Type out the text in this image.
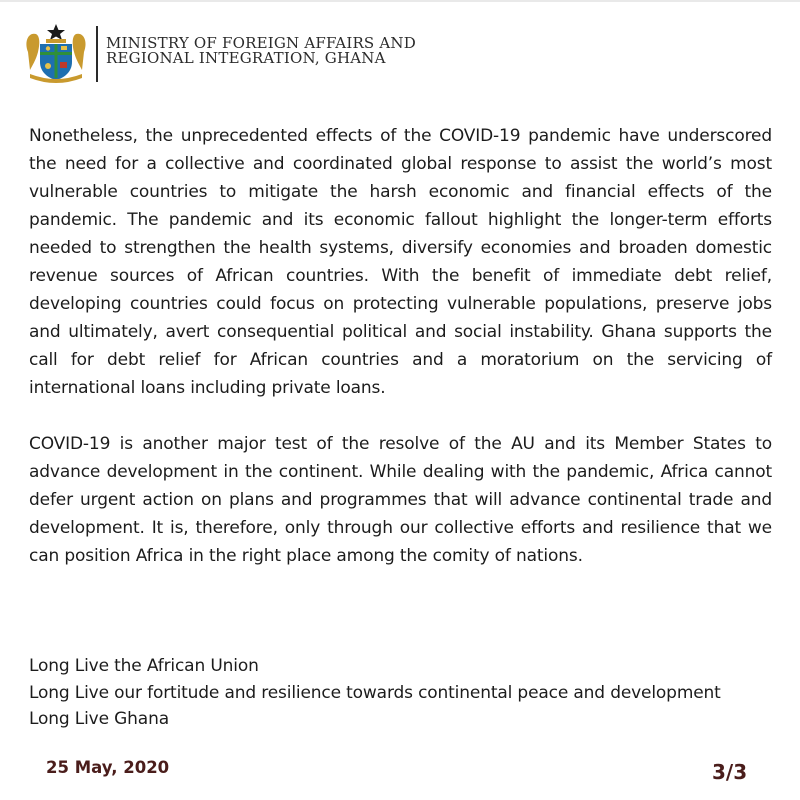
MINISTRY OF FOREIGN AFFAIRS AND
REGIONAL INTEGRATION, GHANA

Nonetheless, the unprecedented effects of the COVID-19 pandemic have underscored the need for a collective and coordinated global response to assist the world’s most vulnerable countries to mitigate the harsh economic and financial effects of the pandemic. The pandemic and its economic fallout highlight the longer-term efforts needed to strengthen the health systems, diversify economies and broaden domestic revenue sources of African countries. With the benefit of immediate debt relief, developing countries could focus on protecting vulnerable populations, preserve jobs and ultimately, avert consequential political and social instability. Ghana supports the call for debt relief for African countries and a moratorium on the servicing of international loans including private loans.

COVID-19 is another major test of the resolve of the AU and its Member States to advance development in the continent. While dealing with the pandemic, Africa cannot defer urgent action on plans and programmes that will advance continental trade and development. It is, therefore, only through our collective efforts and resilience that we can position Africa in the right place among the comity of nations.

Long Live the African Union
Long Live our fortitude and resilience towards continental peace and development
Long Live Ghana
25 May, 2020	3/3
